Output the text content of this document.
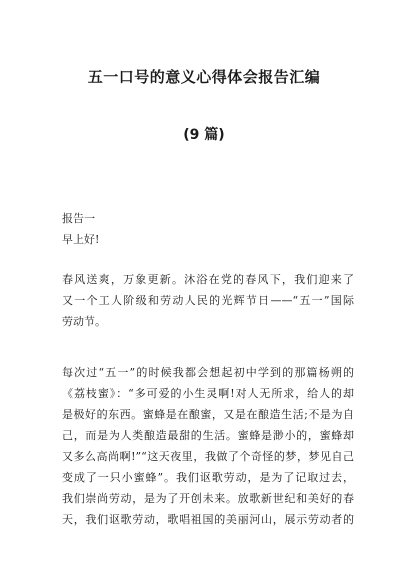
五一口号的意义心得体会报告汇编
(9 篇)
报告一
早上好!
春风送爽，万象更新。沐浴在党的春风下，我们迎来了
又一个工人阶级和劳动人民的光辉节日——“五一”国际
劳动节。
每次过“五一”的时候我都会想起初中学到的那篇杨朔的
《荔枝蜜》：“多可爱的小生灵啊!对人无所求，给人的却
是极好的东西。蜜蜂是在酿蜜，又是在酿造生活;不是为自
己，而是为人类酿造最甜的生活。蜜蜂是渺小的，蜜蜂却
又多么高尚啊!”“这天夜里，我做了个奇怪的梦，梦见自己
变成了一只小蜜蜂”。我们讴歌劳动，是为了记取过去，
我们崇尚劳动，是为了开创未来。放歌新世纪和美好的春
天，我们讴歌劳动，歌唱祖国的美丽河山，展示劳动者的
